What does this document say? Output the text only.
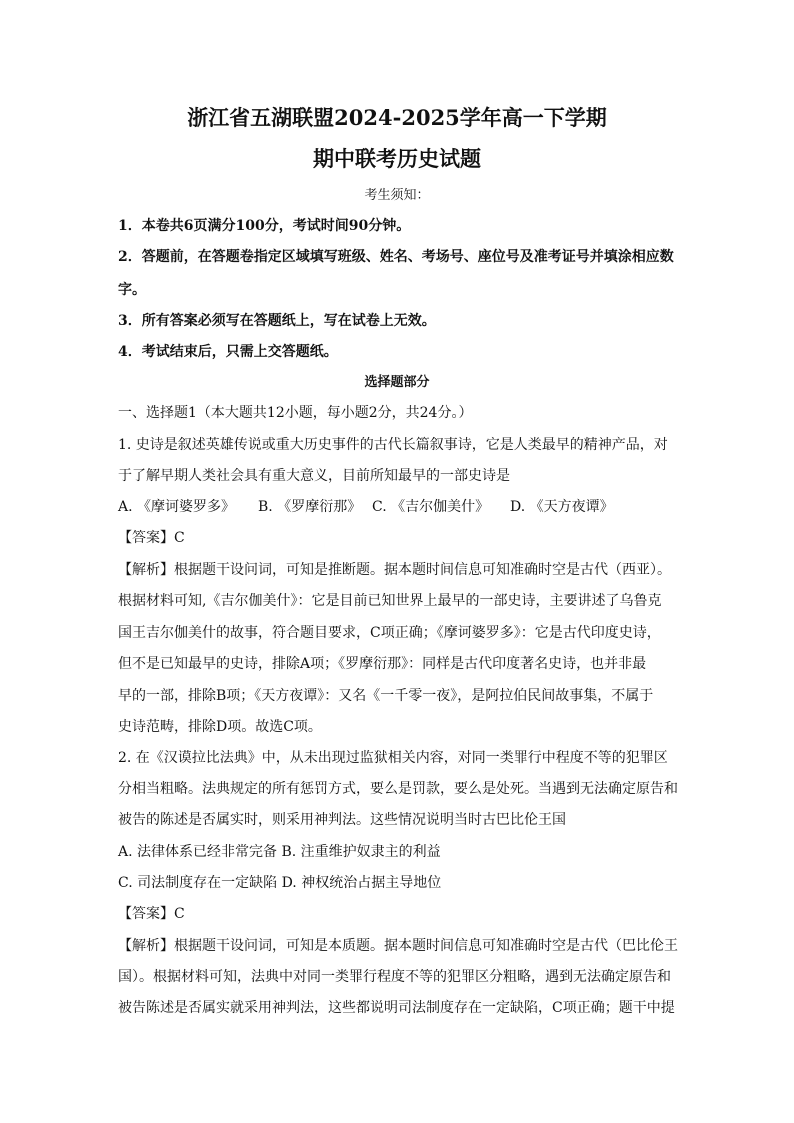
浙江省五湖联盟2024-2025学年高一下学期
期中联考历史试题
考生须知：
1．本卷共6页满分100分，考试时间90分钟。
2．答题前，在答题卷指定区域填写班级、姓名、考场号、座位号及准考证号并填涂相应数
字。
3．所有答案必须写在答题纸上，写在试卷上无效。
4．考试结束后，只需上交答题纸。
选择题部分
一、选择题1（本大题共12小题，每小题2分，共24分。）
1. 史诗是叙述英雄传说或重大历史事件的古代长篇叙事诗，它是人类最早的精神产品，对
于了解早期人类社会具有重大意义，目前所知最早的一部史诗是
A. 《摩诃婆罗多》 B. 《罗摩衍那》 C. 《吉尔伽美什》 D. 《天方夜谭》
【答案】C
【解析】根据题干设问词，可知是推断题。据本题时间信息可知准确时空是古代（西亚）。
根据材料可知,《吉尔伽美什》：它是目前已知世界上最早的一部史诗，主要讲述了乌鲁克
国王吉尔伽美什的故事，符合题目要求，C项正确；《摩诃婆罗多》：它是古代印度史诗，
但不是已知最早的史诗，排除A项；《罗摩衍那》：同样是古代印度著名史诗，也并非最
早的一部，排除B项；《天方夜谭》：又名《一千零一夜》，是阿拉伯民间故事集，不属于
史诗范畴，排除D项。故选C项。
2. 在《汉谟拉比法典》中，从未出现过监狱相关内容，对同一类罪行中程度不等的犯罪区
分相当粗略。法典规定的所有惩罚方式，要么是罚款，要么是处死。当遇到无法确定原告和
被告的陈述是否属实时，则采用神判法。这些情况说明当时古巴比伦王国
A. 法律体系已经非常完备 B. 注重维护奴隶主的利益
C. 司法制度存在一定缺陷 D. 神权统治占据主导地位
【答案】C
【解析】根据题干设问词，可知是本质题。据本题时间信息可知准确时空是古代（巴比伦王
国）。根据材料可知，法典中对同一类罪行程度不等的犯罪区分粗略，遇到无法确定原告和
被告陈述是否属实就采用神判法，这些都说明司法制度存在一定缺陷，C项正确；题干中提
